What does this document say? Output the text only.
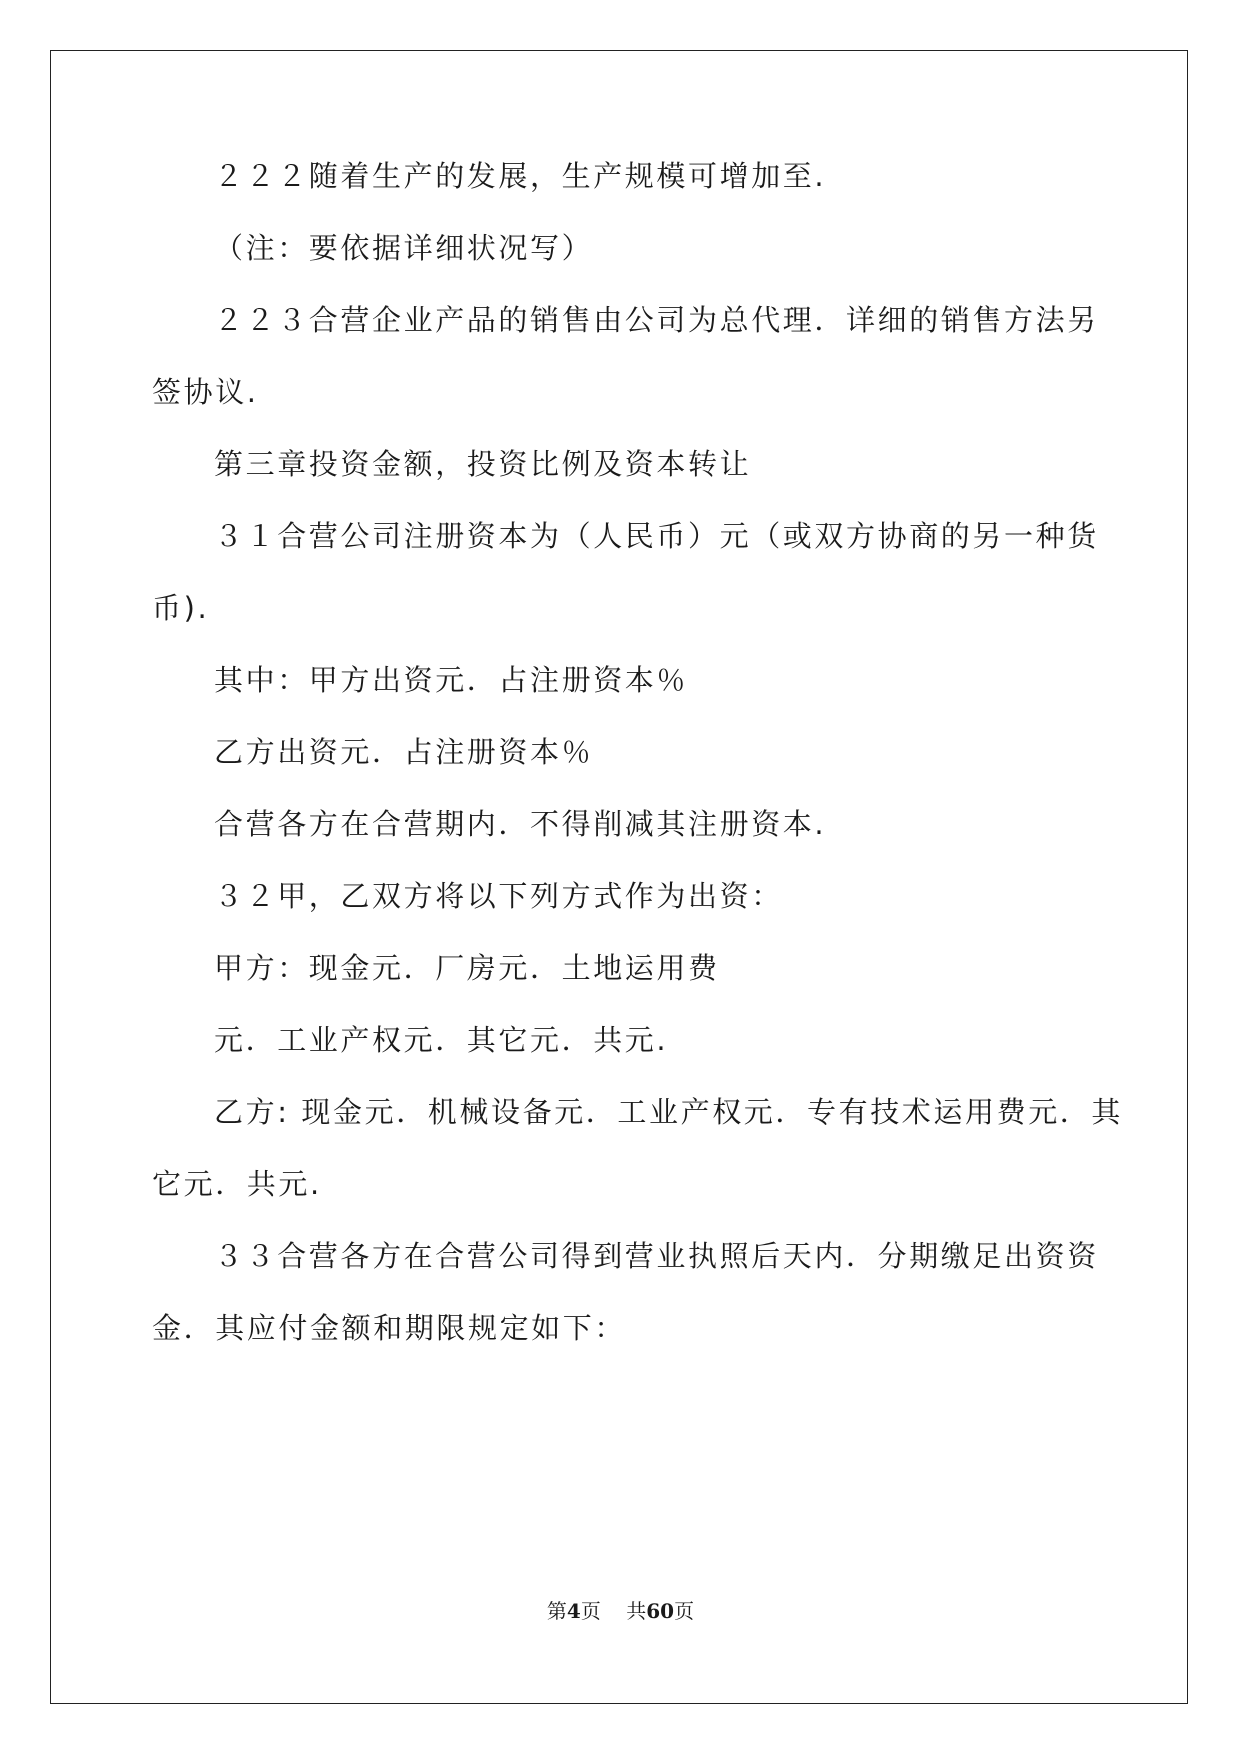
２２２随着生产的发展，生产规模可增加至.
（注：要依据详细状况写）
２２３合营企业产品的销售由公司为总代理．详细的销售方法另
签协议.
第三章投资金额，投资比例及资本转让
３１合营公司注册资本为（人民币）元（或双方协商的另一种货
币).
其中：甲方出资元．占注册资本％
乙方出资元．占注册资本％
合营各方在合营期内．不得削减其注册资本.
３２甲，乙双方将以下列方式作为出资：
甲方：现金元．厂房元．土地运用费
元．工业产权元．其它元．共元.
乙方: 现金元．机械设备元．工业产权元．专有技术运用费元．其
它元．共元.
３３合营各方在合营公司得到营业执照后天内．分期缴足出资资
金．其应付金额和期限规定如下：
第4页 共60页
